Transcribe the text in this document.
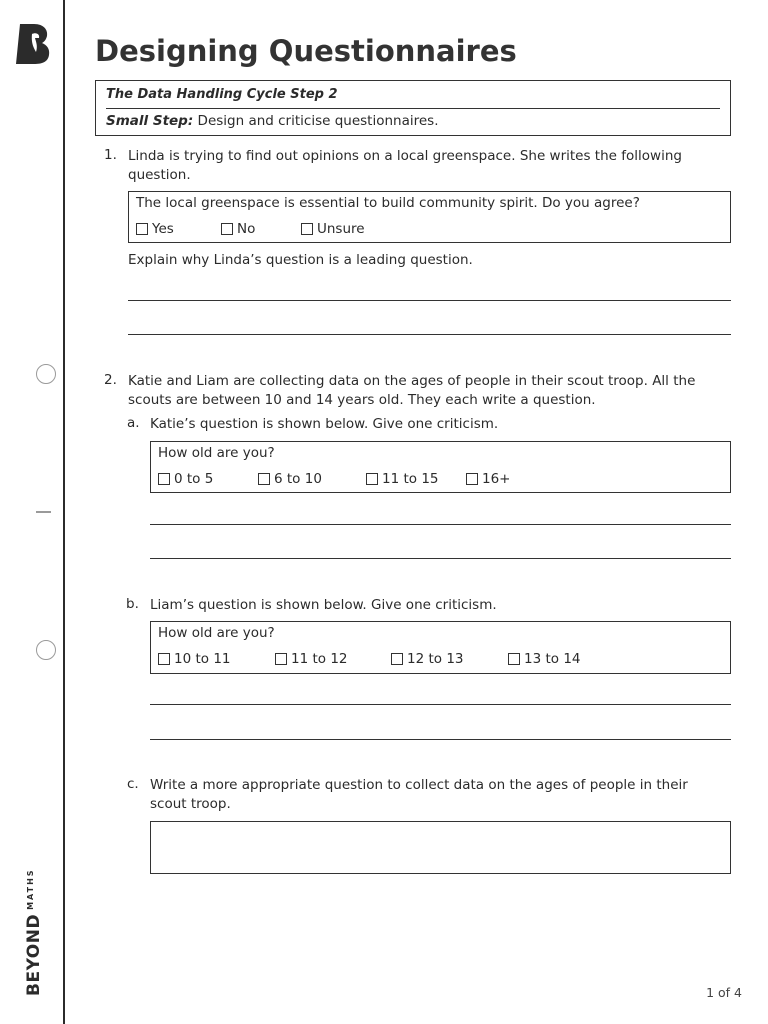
$BEYOND^{MATHS}$
Designing Questionnaires
The Data Handling Cycle Step 2
Small Step: Design and criticise questionnaires.
1. Linda is trying to find out opinions on a local greenspace. She writes the following question.
The local greenspace is essential to build community spirit. Do you agree?
Yes	No	Unsure
Explain why Linda’s question is a leading question.
2. Katie and Liam are collecting data on the ages of people in their scout troop. All the scouts are between 10 and 14 years old. They each write a question.
a. Katie’s question is shown below. Give one criticism.
How old are you?
0 to 5	6 to 10	11 to 15	16+
b. Liam’s question is shown below. Give one criticism.
How old are you?
10 to 11	11 to 12	12 to 13	13 to 14
c. Write a more appropriate question to collect data on the ages of people in their scout troop.
1 of 4
